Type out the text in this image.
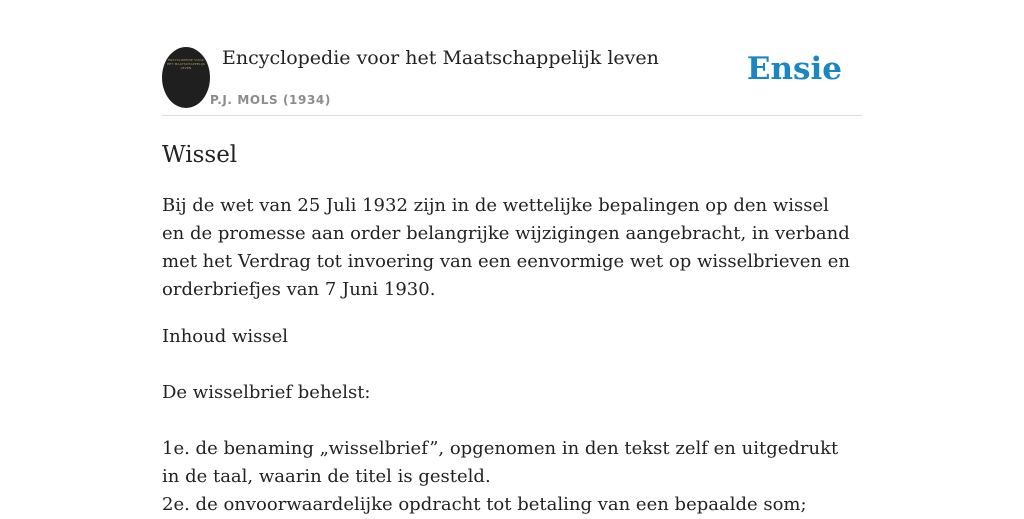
ENCYCLOPEDIE VOOR HET MAATSCHAPPELIJK LEVEN	Encyclopedie voor het Maatschappelijk leven
P.J. MOLS (1934)
Ensie
Wissel

Bij de wet van 25 Juli 1932 zijn in de wettelijke bepalingen op den wissel en de promesse aan order belangrijke wijzigingen aangebracht, in verband met het Verdrag tot invoering van een eenvormige wet op wisselbrieven en orderbriefjes van 7 Juni 1930.

Inhoud wissel

De wisselbrief behelst:

1e. de benaming „wisselbrief”, opgenomen in den tekst zelf en uitgedrukt in de taal, waarin de titel is gesteld.

2e. de onvoorwaardelijke opdracht tot betaling van een bepaalde som;
